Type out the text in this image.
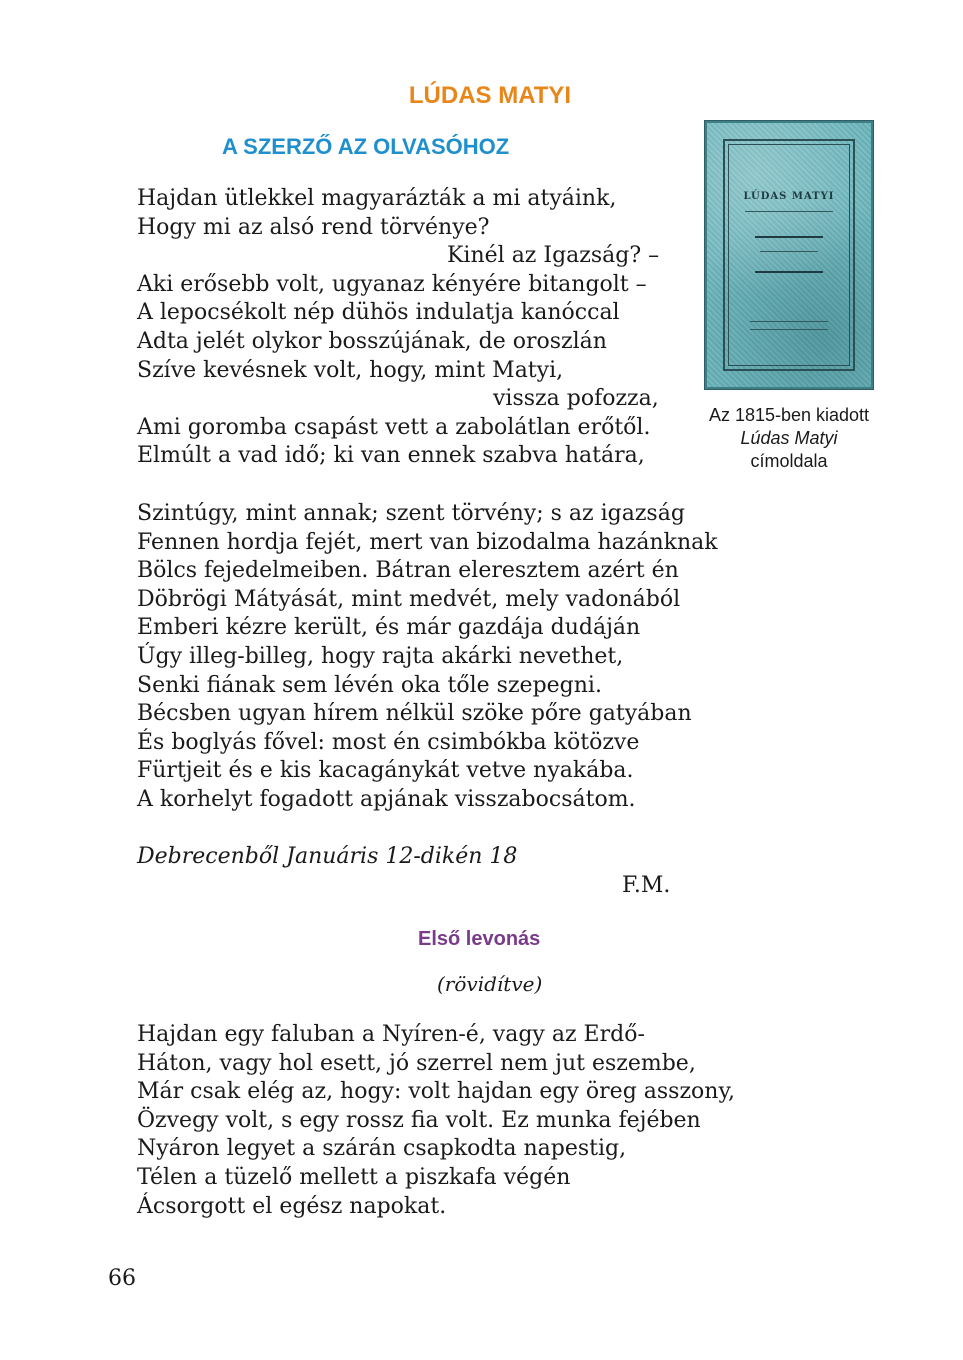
LÚDAS MATYI
A SZERZŐ AZ OLVASÓHOZ
Hajdan ütlekkel magyarázták a mi atyáink,
Hogy mi az alsó rend törvénye?
Kinél az Igazság? –
Aki erősebb volt, ugyanaz kényére bitangolt –
A lepocsékolt nép dühös indulatja kanóccal
Adta jelét olykor bosszújának, de oroszlán
Szíve kevésnek volt, hogy, mint Matyi,
vissza pofozza,
Ami goromba csapást vett a zabolátlan erőtől.
Elmúlt a vad idő; ki van ennek szabva határa,
Szintúgy, mint annak; szent törvény; s az igazság
Fennen hordja fejét, mert van bizodalma hazánknak
Bölcs fejedelmeiben. Bátran eleresztem azért én
Döbrögi Mátyását, mint medvét, mely vadonából
Emberi kézre került, és már gazdája dudáján
Úgy illeg-billeg, hogy rajta akárki nevethet,
Senki fiának sem lévén oka tőle szepegni.
Bécsben ugyan hírem nélkül szöke pőre gatyában
És boglyás fővel: most én csimbókba kötözve
Fürtjeit és e kis kacagánykát vetve nyakába.
A korhelyt fogadott apjának visszabocsátom.
Debrecenből Januáris 12-dikén 18
F.M.
Első levonás
(rövidítve)
Hajdan egy faluban a Nyíren-é, vagy az Erdő-
Háton, vagy hol esett, jó szerrel nem jut eszembe,
Már csak elég az, hogy: volt hajdan egy öreg asszony,
Özvegy volt, s egy rossz fia volt. Ez munka fejében
Nyáron legyet a szárán csapkodta napestig,
Télen a tüzelő mellett a piszkafa végén
Ácsorgott el egész napokat.
LÚDAS MATYI
Az 1815-ben kiadott Lúdas Matyi címoldala
66
